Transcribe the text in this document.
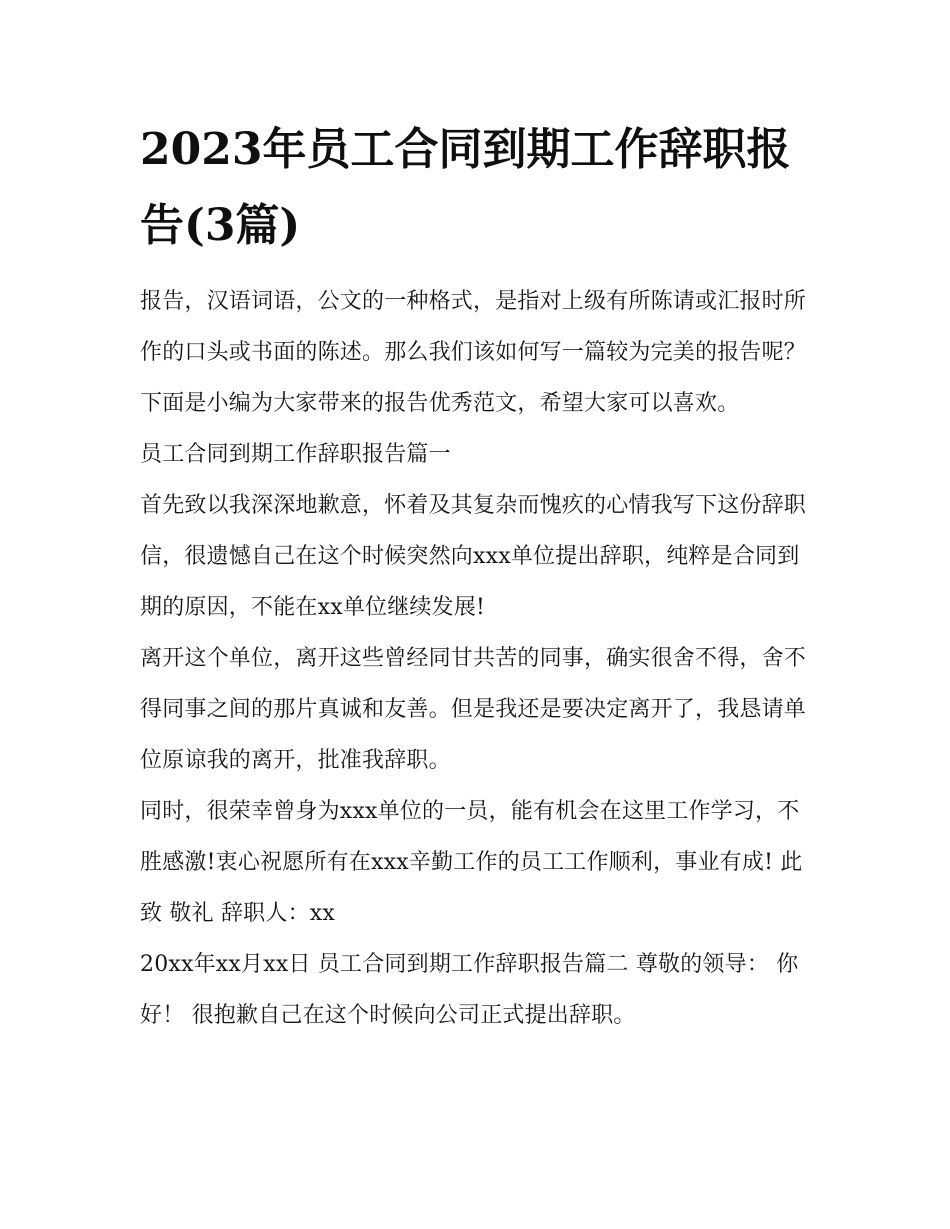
2023年员工合同到期工作辞职报告(3篇)

报告，汉语词语，公文的一种格式，是指对上级有所陈请或汇报时所作的口头或书面的陈述。那么我们该如何写一篇较为完美的报告呢？下面是小编为大家带来的报告优秀范文，希望大家可以喜欢。

员工合同到期工作辞职报告篇一

首先致以我深深地歉意，怀着及其复杂而愧疚的心情我写下这份辞职信，很遗憾自己在这个时候突然向xxx单位提出辞职，纯粹是合同到期的原因，不能在xx单位继续发展!

离开这个单位，离开这些曾经同甘共苦的同事，确实很舍不得，舍不得同事之间的那片真诚和友善。但是我还是要决定离开了，我恳请单位原谅我的离开，批准我辞职。

同时，很荣幸曾身为xxx单位的一员，能有机会在这里工作学习，不胜感激!衷心祝愿所有在xxx辛勤工作的员工工作顺利，事业有成! 此致 敬礼 辞职人：xx

20xx年xx月xx日 员工合同到期工作辞职报告篇二 尊敬的领导： 你好！ 很抱歉自己在这个时候向公司正式提出辞职。
